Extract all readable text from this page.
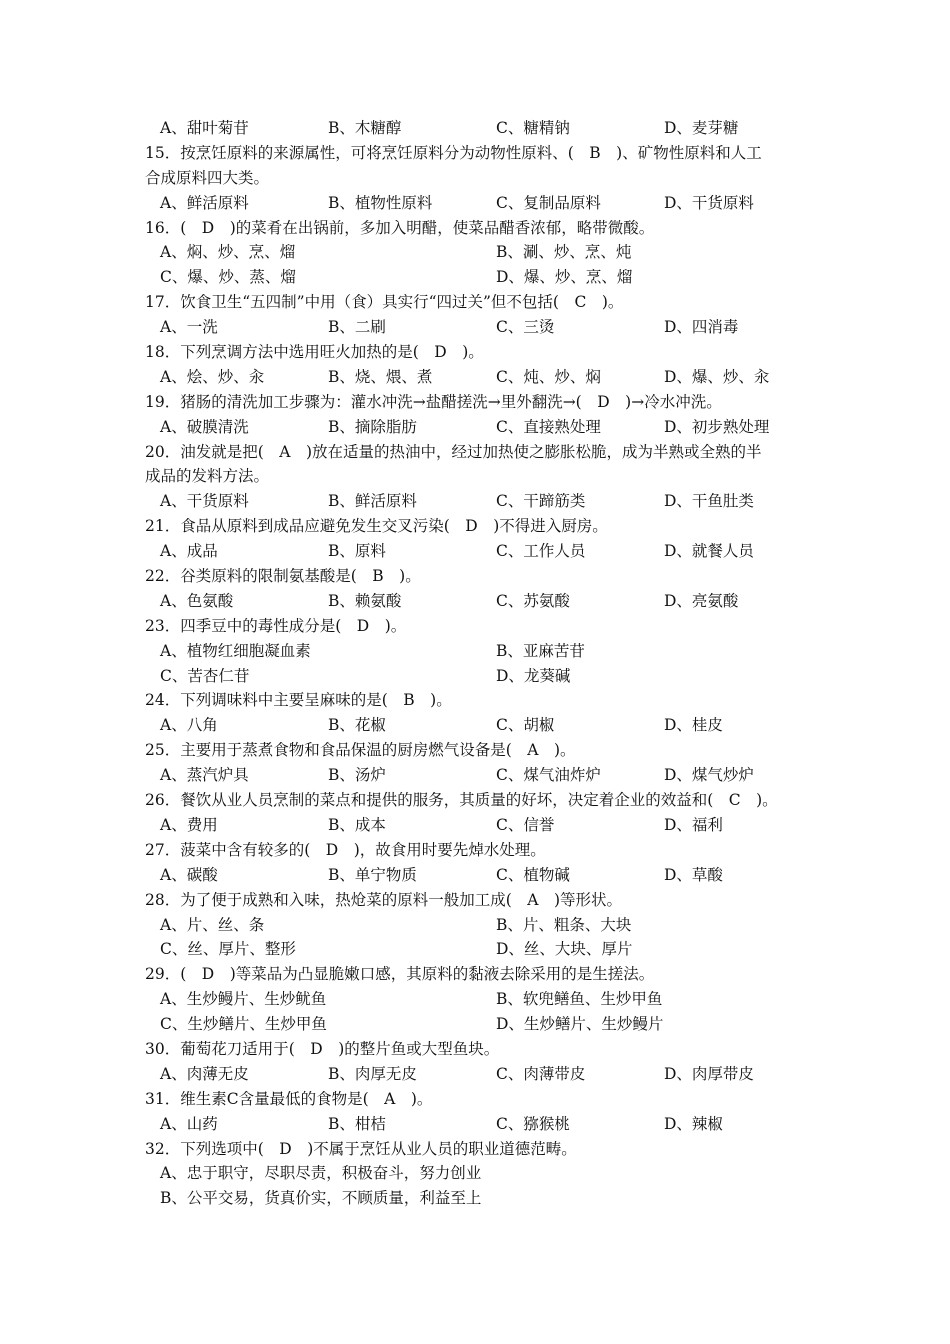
A、甜叶菊苷	B、木糖醇	C、糖精钠	D、麦芽糖
15．按烹饪原料的来源属性，可将烹饪原料分为动物性原料、(　B　)、矿物性原料和人工
合成原料四大类。
A、鲜活原料	B、植物性原料	C、复制品原料	D、干货原料
16．(　D　)的菜肴在出锅前，多加入明醋，使菜品醋香浓郁，略带微酸。
A、焖、炒、烹、熘	B、涮、炒、烹、炖
C、爆、炒、蒸、熘	D、爆、炒、烹、熘
17．饮食卫生“五四制”中用（食）具实行“四过关”但不包括(　C　)。
A、一洗	B、二刷	C、三烫	D、四消毒
18．下列烹调方法中选用旺火加热的是(　D　)。
A、烩、炒、汆	B、烧、煨、煮	C、炖、炒、焖	D、爆、炒、汆
19．猪肠的清洗加工步骤为：灌水冲洗→盐醋搓洗→里外翻洗→(　D　)→冷水冲洗。
A、破膜清洗	B、摘除脂肪	C、直接熟处理	D、初步熟处理
20．油发就是把(　A　)放在适量的热油中，经过加热使之膨胀松脆，成为半熟或全熟的半
成品的发料方法。
A、干货原料	B、鲜活原料	C、干蹄筋类	D、干鱼肚类
21．食品从原料到成品应避免发生交叉污染(　D　)不得进入厨房。
A、成品	B、原料	C、工作人员	D、就餐人员
22．谷类原料的限制氨基酸是(　B　)。
A、色氨酸	B、赖氨酸	C、苏氨酸	D、亮氨酸
23．四季豆中的毒性成分是(　D　)。
A、植物红细胞凝血素	B、亚麻苦苷
C、苦杏仁苷	D、龙葵碱
24．下列调味料中主要呈麻味的是(　B　)。
A、八角	B、花椒	C、胡椒	D、桂皮
25．主要用于蒸煮食物和食品保温的厨房燃气设备是(　A　)。
A、蒸汽炉具	B、汤炉	C、煤气油炸炉	D、煤气炒炉
26．餐饮从业人员烹制的菜点和提供的服务，其质量的好坏，决定着企业的效益和(　C　)。
A、费用	B、成本	C、信誉	D、福利
27．菠菜中含有较多的(　D　)，故食用时要先焯水处理。
A、碳酸	B、单宁物质	C、植物碱	D、草酸
28．为了便于成熟和入味，热炝菜的原料一般加工成(　A　)等形状。
A、片、丝、条	B、片、粗条、大块
C、丝、厚片、整形	D、丝、大块、厚片
29．(　D　)等菜品为凸显脆嫩口感，其原料的黏液去除采用的是生搓法。
A、生炒鳗片、生炒鱿鱼	B、软兜鳝鱼、生炒甲鱼
C、生炒鳝片、生炒甲鱼	D、生炒鳝片、生炒鳗片
30．葡萄花刀适用于(　D　)的整片鱼或大型鱼块。
A、肉薄无皮	B、肉厚无皮	C、肉薄带皮	D、肉厚带皮
31．维生素C含量最低的食物是(　A　)。
A、山药	B、柑桔	C、猕猴桃	D、辣椒
32．下列选项中(　D　)不属于烹饪从业人员的职业道德范畴。
A、忠于职守，尽职尽责，积极奋斗，努力创业
B、公平交易，货真价实，不顾质量，利益至上
